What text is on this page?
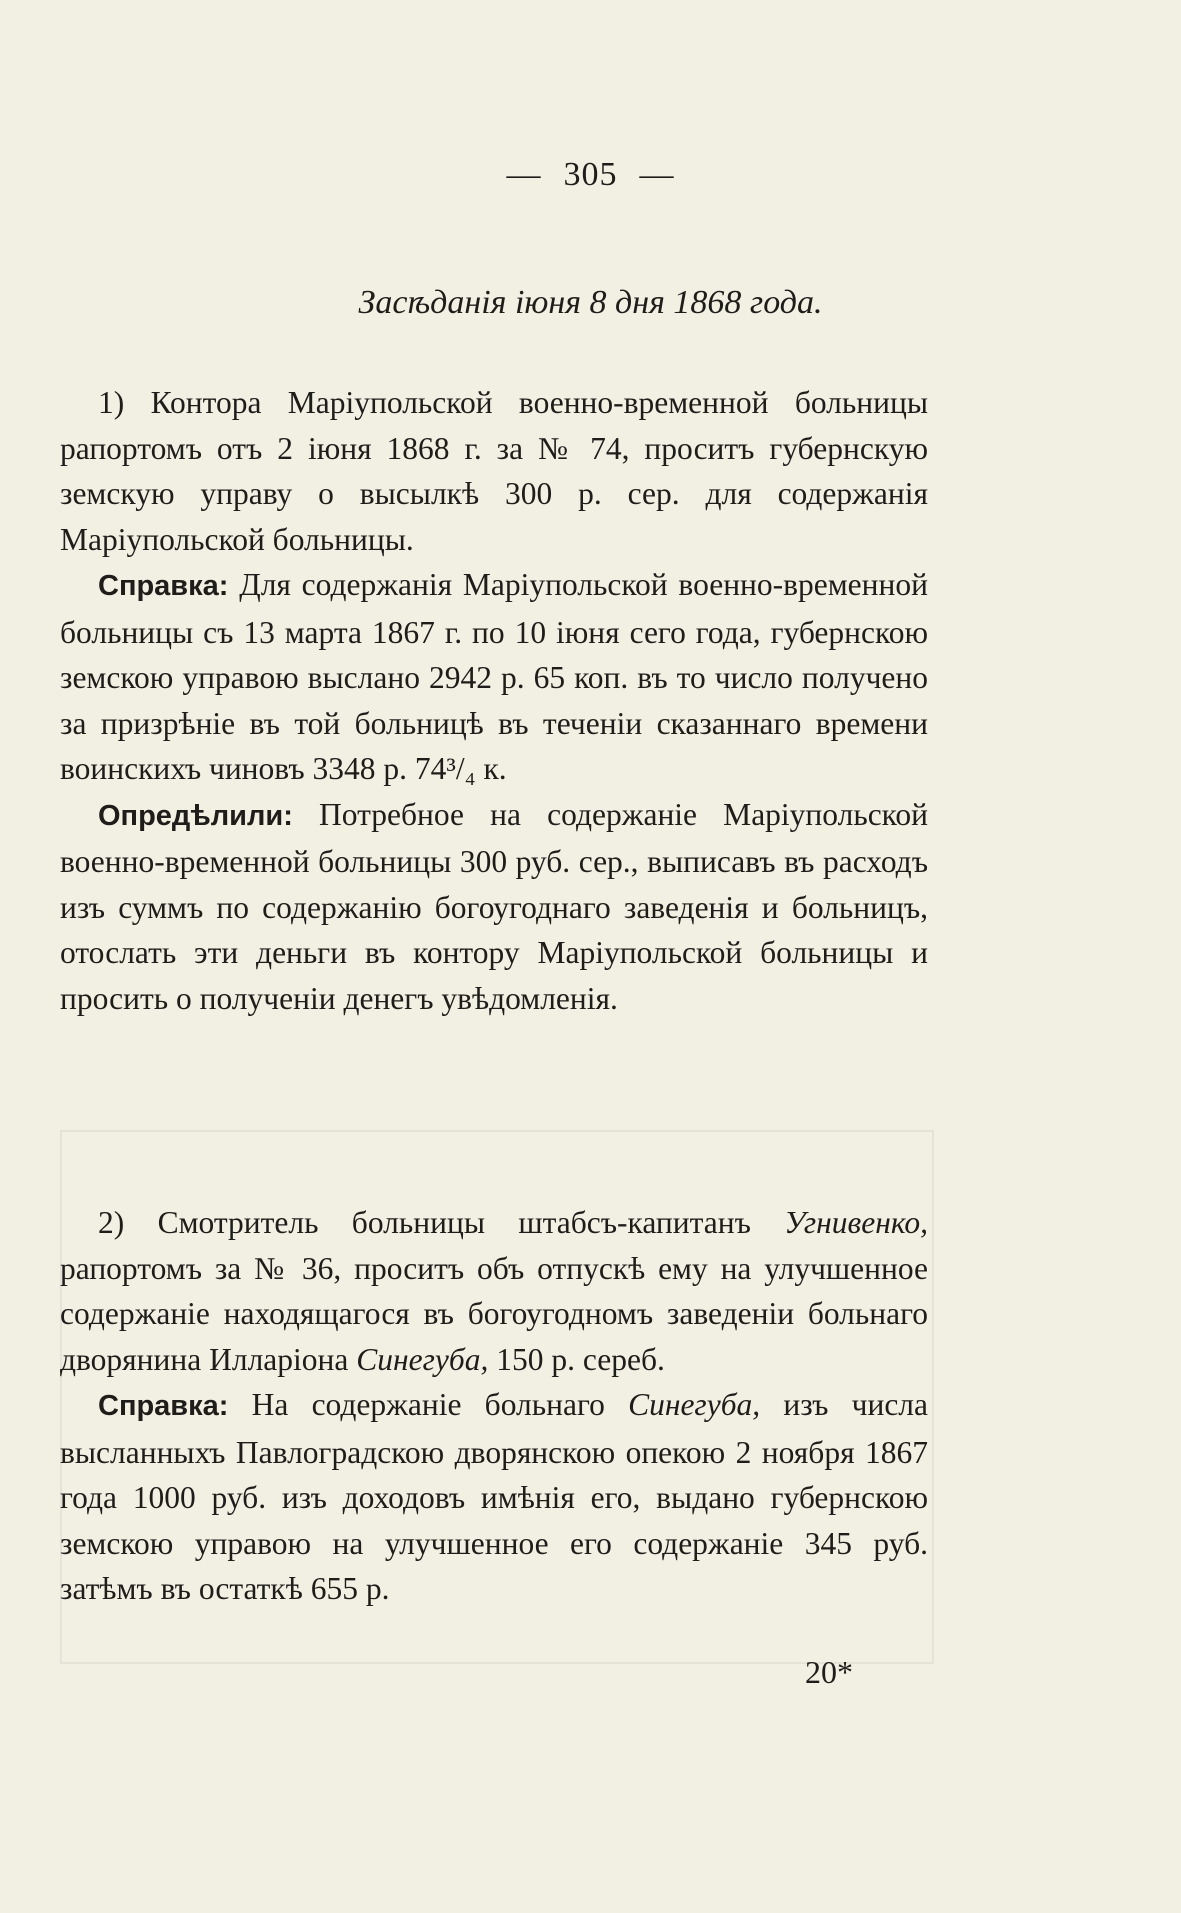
— 305 —
Засѣданія іюня 8 дня 1868 года.

1) Контора Маріупольской военно-временной больницы рапортомъ отъ 2 іюня 1868 г. за № 74, проситъ губернскую земскую управу о высылкѣ 300 р. сер. для содержанія Маріупольской больницы.

Справка: Для содержанія Маріупольской военно-временной больницы съ 13 марта 1867 г. по 10 іюня сего года, губернскою земскою управою выслано 2942 р. 65 коп. въ то число получено за призрѣніе въ той больницѣ въ теченіи сказаннаго времени воинскихъ чиновъ 3348 р. 74³/₄ к.

Опредѣлили: Потребное на содержаніе Маріупольской военно-временной больницы 300 руб. сер., выписавъ въ расходъ изъ суммъ по содержанію богоугоднаго заведенія и больницъ, отослать эти деньги въ контору Маріупольской больницы и просить о полученіи денегъ увѣдомленія.

2) Смотритель больницы штабсъ-капитанъ Угнивенко, рапортомъ за № 36, проситъ объ отпускѣ ему на улучшенное содержаніе находящагося въ богоугодномъ заведеніи больнаго дворянина Илларіона Синегуба, 150 р. сереб.

Справка: На содержаніе больнаго Синегуба, изъ числа высланныхъ Павлоградскою дворянскою опекою 2 ноября 1867 года 1000 руб. изъ доходовъ имѣнія его, выдано губернскою земскою управою на улучшенное его содержаніе 345 руб. затѣмъ въ остаткѣ 655 р.

20*
